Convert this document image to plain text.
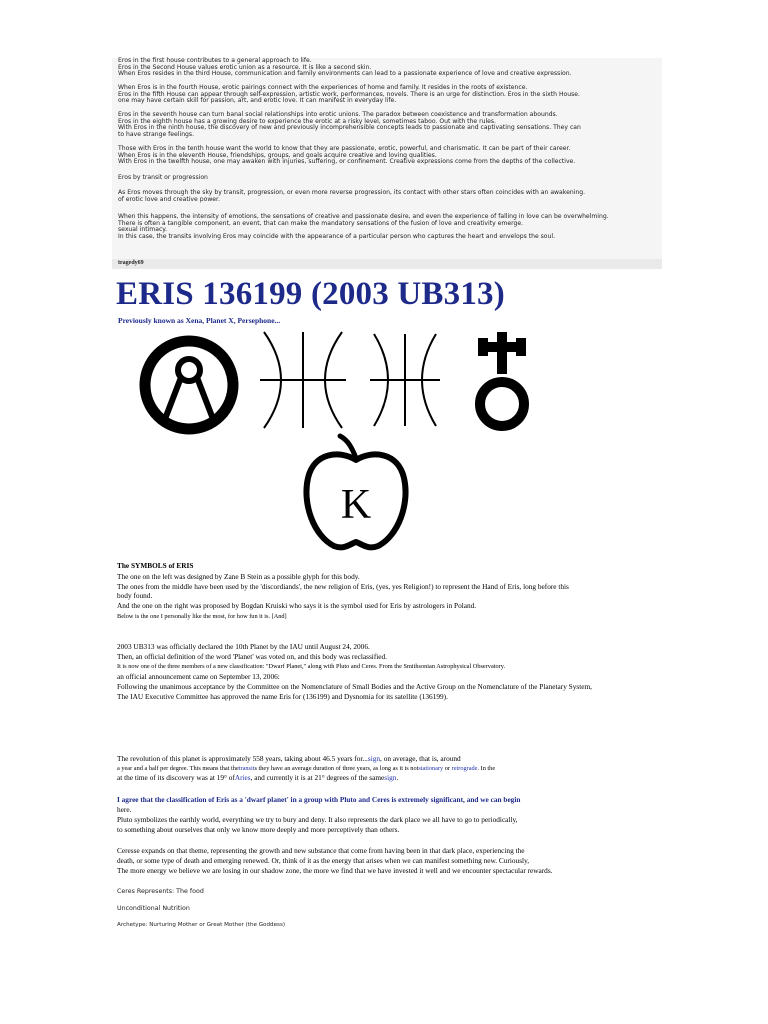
Eros in the first house contributes to a general approach to life.
Eros in the Second House values erotic union as a resource. It is like a second skin.
When Eros resides in the third House, communication and family environments can lead to a passionate experience of love and creative expression.
When Eros is in the fourth House, erotic pairings connect with the experiences of home and family. It resides in the roots of existence.
Eros in the fifth House can appear through self-expression, artistic work, performances, novels. There is an urge for distinction. Eros in the sixth House.
one may have certain skill for passion, art, and erotic love. It can manifest in everyday life.
Eros in the seventh house can turn banal social relationships into erotic unions. The paradox between coexistence and transformation abounds.
Eros in the eighth house has a growing desire to experience the erotic at a risky level, sometimes taboo. Out with the rules.
With Eros in the ninth house, the discovery of new and previously incomprehensible concepts leads to passionate and captivating sensations. They can
to have strange feelings.
Those with Eros in the tenth house want the world to know that they are passionate, erotic, powerful, and charismatic. It can be part of their career.
When Eros is in the eleventh House, friendships, groups, and goals acquire creative and loving qualities.
With Eros in the twelfth house, one may awaken with injuries, suffering, or confinement. Creative expressions come from the depths of the collective.
Eros by transit or progression
As Eros moves through the sky by transit, progression, or even more reverse progression, its contact with other stars often coincides with an awakening.
of erotic love and creative power.
When this happens, the intensity of emotions, the sensations of creative and passionate desire, and even the experience of falling in love can be overwhelming.
There is often a tangible component, an event, that can make the mandatory sensations of the fusion of love and creativity emerge.
sexual intimacy.
In this case, the transits involving Eros may coincide with the appearance of a particular person who captures the heart and envelops the soul.
tragedy69
ERIS 136199 (2003 UB313)
Previously known as Xena, Planet X, Persephone...
K
The SYMBOLS of ERIS
The one on the left was designed by Zane B Stein as a possible glyph for this body.
The ones from the middle have been used by the 'discordiands', the new religion of Eris, (yes, yes Religion!) to represent the Hand of Eris, long before this
body found.
And the one on the right was proposed by Bogdan Kruiski who says it is the symbol used for Eris by astrologers in Poland.
Below is the one I personally like the most, for how fun it is. [And]
2003 UB313 was officially declared the 10th Planet by the IAU until August 24, 2006.
Then, an official definition of the word 'Planet' was voted on, and this body was reclassified.
It is now one of the three members of a new classification: "Dwarf Planet," along with Pluto and Ceres. From the Smithsonian Astrophysical Observatory.
an official announcement came on September 13, 2006:
Following the unanimous acceptance by the Committee on the Nomenclature of Small Bodies and the Active Group on the Nomenclature of the Planetary System,
The IAU Executive Committee has approved the name Eris for (136199) and Dysnomia for its satellite (136199).
The revolution of this planet is approximately 558 years, taking about 46.5 years for...sign, on average, that is, around
a year and a half per degree. This means that thetransits they have an average duration of three years, as long as it is notstationary or retrograde. In the
at the time of its discovery was at 19° ofAries, and currently it is at 21° degrees of the samesign.
I agree that the classification of Eris as a 'dwarf planet' in a group with Pluto and Ceres is extremely significant, and we can begin
here.
Pluto symbolizes the earthly world, everything we try to bury and deny. It also represents the dark place we all have to go to periodically,
to something about ourselves that only we know more deeply and more perceptively than others.
Ceresse expands on that theme, representing the growth and new substance that come from having been in that dark place, experiencing the
death, or some type of death and emerging renewed. Or, think of it as the energy that arises when we can manifest something new. Curiously,
The more energy we believe we are losing in our shadow zone, the more we find that we have invested it well and we encounter spectacular rewards.
Ceres Represents: The food
Unconditional Nutrition
Archetype: Nurturing Mother or Great Mother (the Goddess)
